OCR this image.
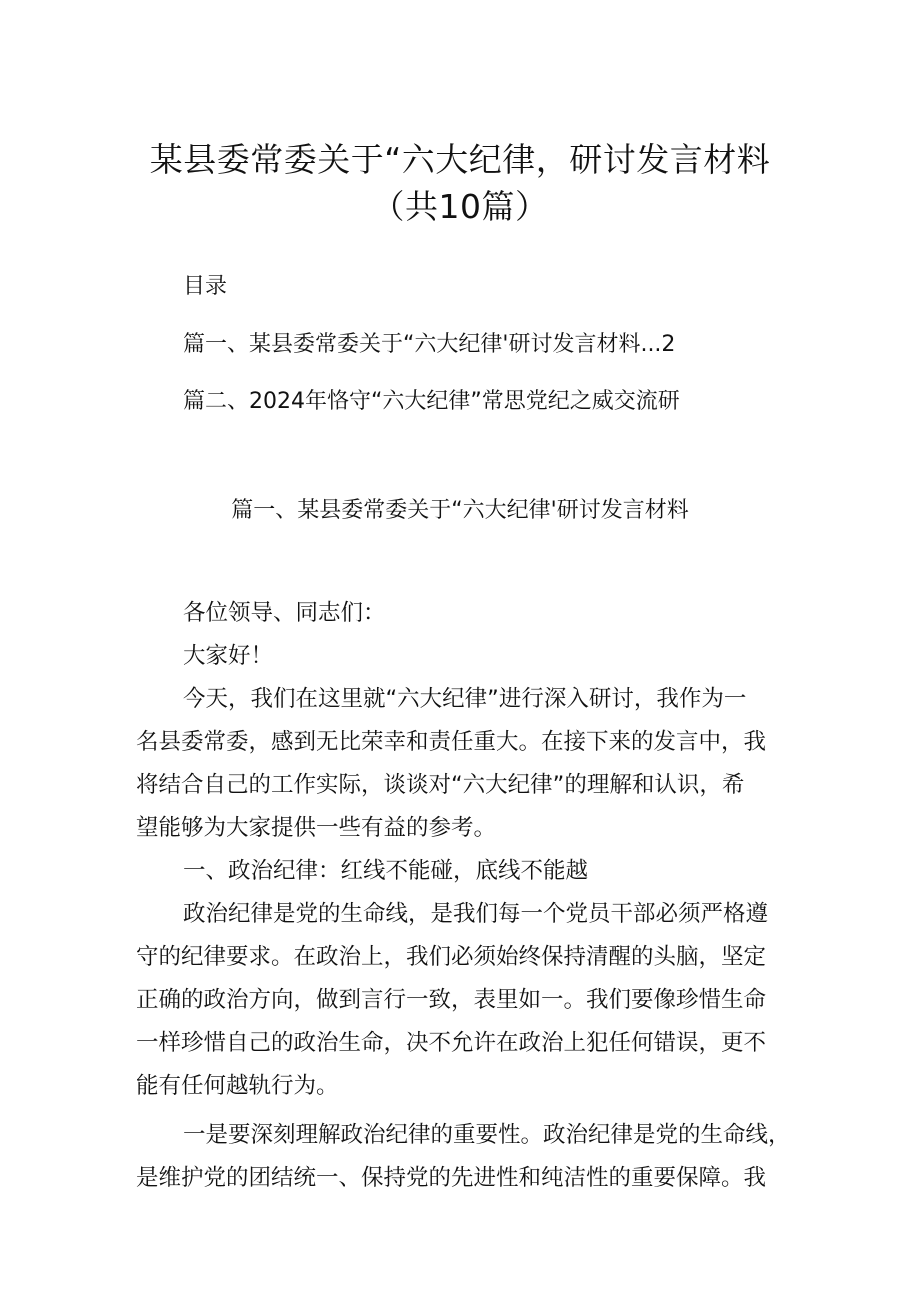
某县委常委关于“六大纪律，研讨发言材料
（共10篇）
目录
篇一、某县委常委关于“六大纪律'研讨发言材料...2
篇二、2024年恪守“六大纪律”常思党纪之威交流研
篇一、某县委常委关于“六大纪律'研讨发言材料
各位领导、同志们：
大家好！
今天，我们在这里就“六大纪律”进行深入研讨，我作为一
名县委常委，感到无比荣幸和责任重大。在接下来的发言中，我
将结合自己的工作实际，谈谈对“六大纪律”的理解和认识，希
望能够为大家提供一些有益的参考。
一、政治纪律：红线不能碰，底线不能越
政治纪律是党的生命线，是我们每一个党员干部必须严格遵
守的纪律要求。在政治上，我们必须始终保持清醒的头脑，坚定
正确的政治方向，做到言行一致，表里如一。我们要像珍惜生命
一样珍惜自己的政治生命，决不允许在政治上犯任何错误，更不
能有任何越轨行为。
一是要深刻理解政治纪律的重要性。政治纪律是党的生命线，
是维护党的团结统一、保持党的先进性和纯洁性的重要保障。我
